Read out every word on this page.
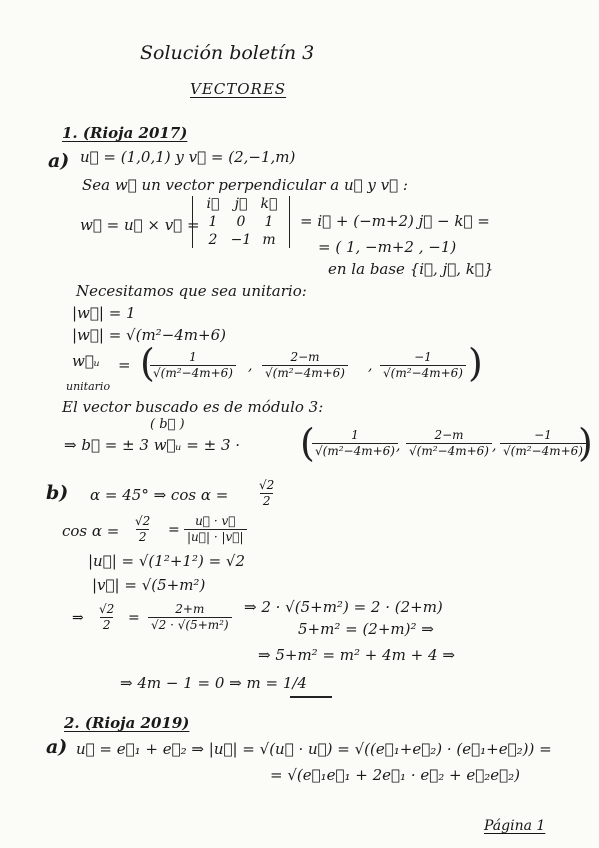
Solución boletín 3
VECTORES
1. (Rioja 2017)
a) u⃗ = (1,0,1) y v⃗ = (2,−1,m)
Sea w⃗ un vector perpendicular a u⃗ y v⃗ :
w⃗ = u⃗ × v⃗ =
i⃗	j⃗ k⃗
1	0	1
2 −1 m
= i⃗ + (−m+2) j⃗ − k⃗ =
= ( 1, −m+2 , −1)
en la base {i⃗, j⃗, k⃗}
Necesitamos que sea unitario:
|w⃗| = 1
|w⃗| = √(m²−4m+6)
w⃗ᵤ =
unitario
(
$\frac{1}{\text{√(m²−4m+6)}}$ , $\frac{2-m}{\text{√(m²−4m+6)}}$ , $\frac{-1}{\text{√(m²−4m+6)}}$ )
El vector buscado es de módulo 3:
( b⃗ )
⇒ b⃗ = ± 3 w⃗ᵤ = ± 3 · (
$\frac{1}{\text{√(m²−4m+6)}}$
, $\frac{2-m}{\text{√(m²−4m+6)}}$ , $\frac{-1}{\text{√(m²−4m+6)}}$
)
b) α = 45° ⇒ $\cos \alpha = \frac{√2}{2}$
$\cos \alpha = \frac{√2}{2} = \frac{u⃗ \cdot v⃗}{|u⃗| \cdot |v⃗|}$
|u⃗| = √(1²+1²) = √2
|v⃗| = √(5+m²)
⇒ $\frac{√2}{2} = \frac{2+m}{\text{√2 · √(5+m²)}}$ ⇒ 2 · √(5+m²) = 2 · (2+m)
5+m² = (2+m)² ⇒
⇒ 5+m² = m² + 4m + 4 ⇒
⇒ 4m − 1 = 0 ⇒ m = 1/4
2. (Rioja 2019)
a) u⃗ = e⃗₁ + e⃗₂ ⇒ |u⃗| = √(u⃗ · u⃗) = √((e⃗₁+e⃗₂) · (e⃗₁+e⃗₂)) =
= √(e⃗₁e⃗₁ + 2e⃗₁ · e⃗₂ + e⃗₂e⃗₂)
Página 1
